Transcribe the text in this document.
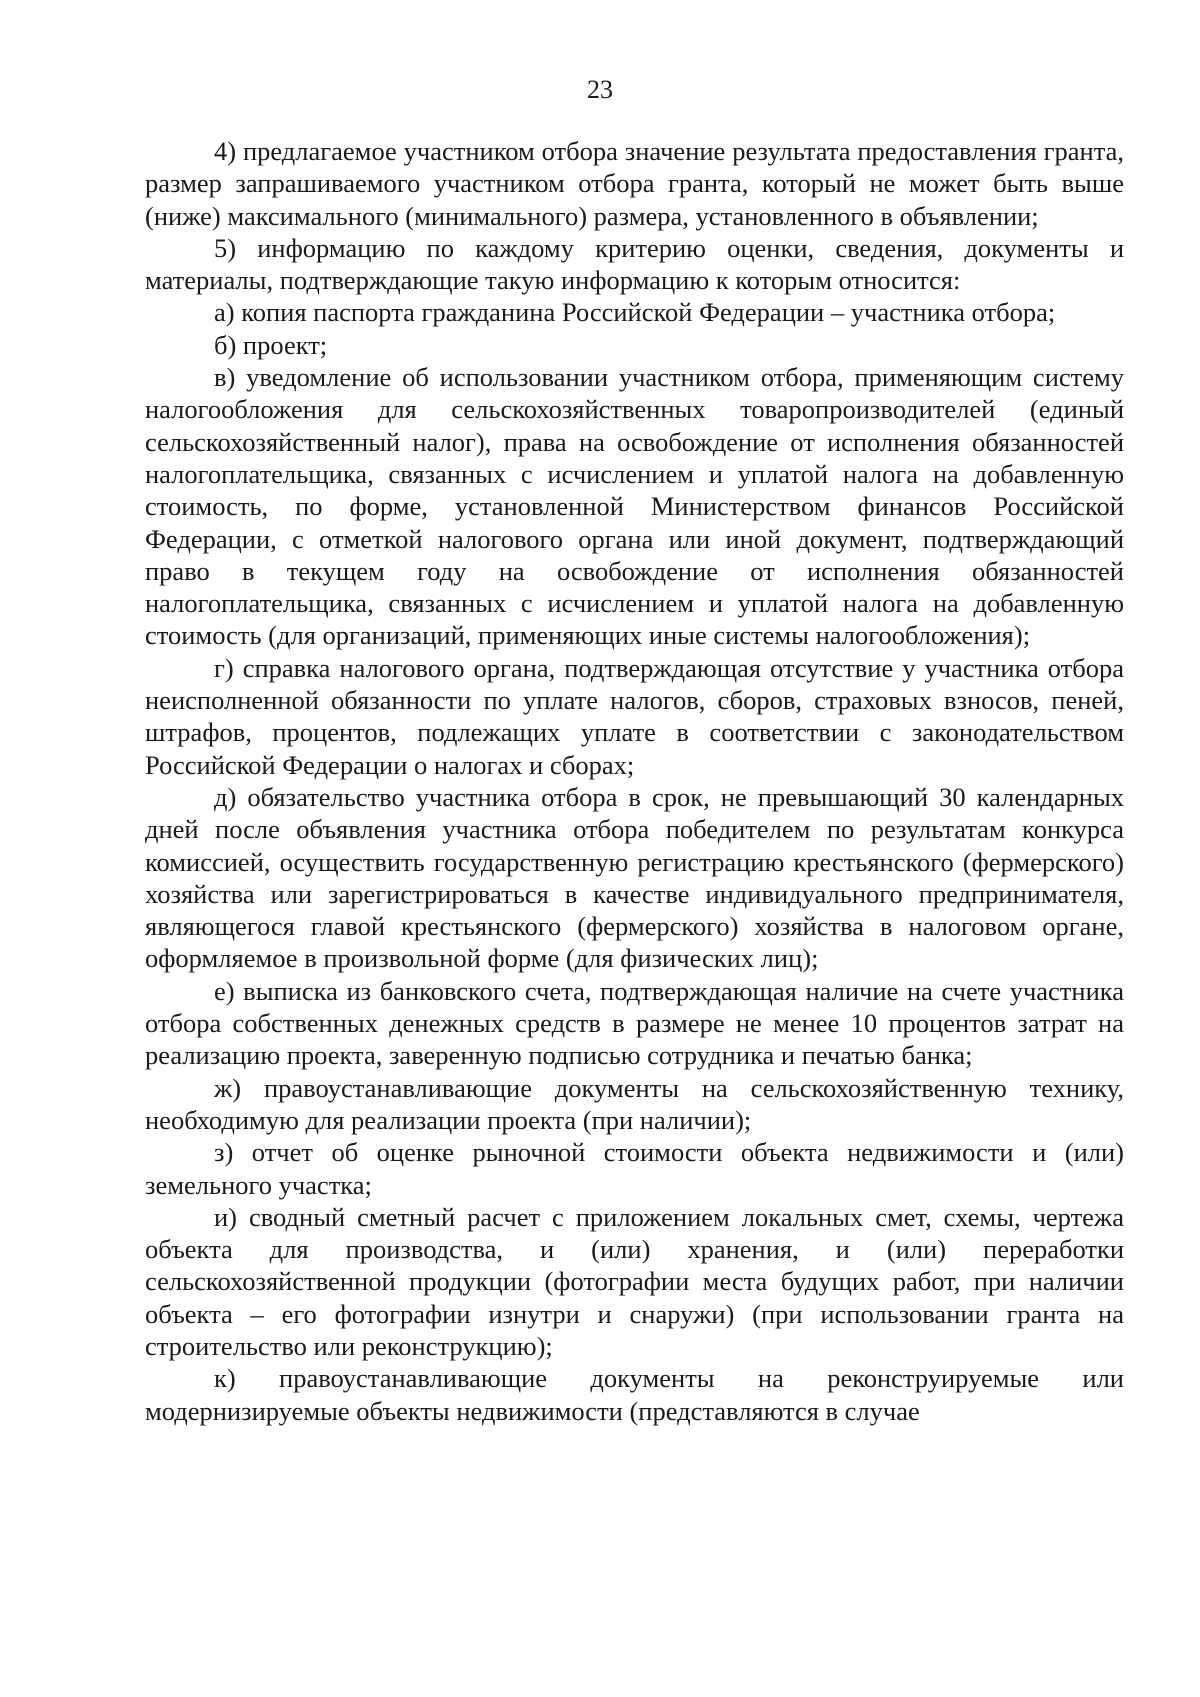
23

4) предлагаемое участником отбора значение результата предоставления гранта, размер запрашиваемого участником отбора гранта, который не может быть выше (ниже) максимального (минимального) размера, установленного в объявлении;

5) информацию по каждому критерию оценки, сведения, документы и материалы, подтверждающие такую информацию к которым относится:

а) копия паспорта гражданина Российской Федерации – участника отбора;

б) проект;

в) уведомление об использовании участником отбора, применяющим систему налогообложения для сельскохозяйственных товаропроизводителей (единый сельскохозяйственный налог), права на освобождение от исполнения обязанностей налогоплательщика, связанных с исчислением и уплатой налога на добавленную стоимость, по форме, установленной Министерством финансов Российской Федерации, с отметкой налогового органа или иной документ, подтверждающий право в текущем году на освобождение от исполнения обязанностей налогоплательщика, связанных с исчислением и уплатой налога на добавленную стоимость (для организаций, применяющих иные системы налогообложения);

г) справка налогового органа, подтверждающая отсутствие у участника отбора неисполненной обязанности по уплате налогов, сборов, страховых взносов, пеней, штрафов, процентов, подлежащих уплате в соответствии с законодательством Российской Федерации о налогах и сборах;

д) обязательство участника отбора в срок, не превышающий 30 календарных дней после объявления участника отбора победителем по результатам конкурса комиссией, осуществить государственную регистрацию крестьянского (фермерского) хозяйства или зарегистрироваться в качестве индивидуального предпринимателя, являющегося главой крестьянского (фермерского) хозяйства в налоговом органе, оформляемое в произвольной форме (для физических лиц);

е) выписка из банковского счета, подтверждающая наличие на счете участника отбора собственных денежных средств в размере не менее 10 процентов затрат на реализацию проекта, заверенную подписью сотрудника и печатью банка;

ж) правоустанавливающие документы на сельскохозяйственную технику, необходимую для реализации проекта (при наличии);

з) отчет об оценке рыночной стоимости объекта недвижимости и (или) земельного участка;

и) сводный сметный расчет с приложением локальных смет, схемы, чертежа объекта для производства, и (или) хранения, и (или) переработки сельскохозяйственной продукции (фотографии места будущих работ, при наличии объекта – его фотографии изнутри и снаружи) (при использовании гранта на строительство или реконструкцию);

к) правоустанавливающие документы на реконструируемые или модернизируемые объекты недвижимости (представляются в случае
